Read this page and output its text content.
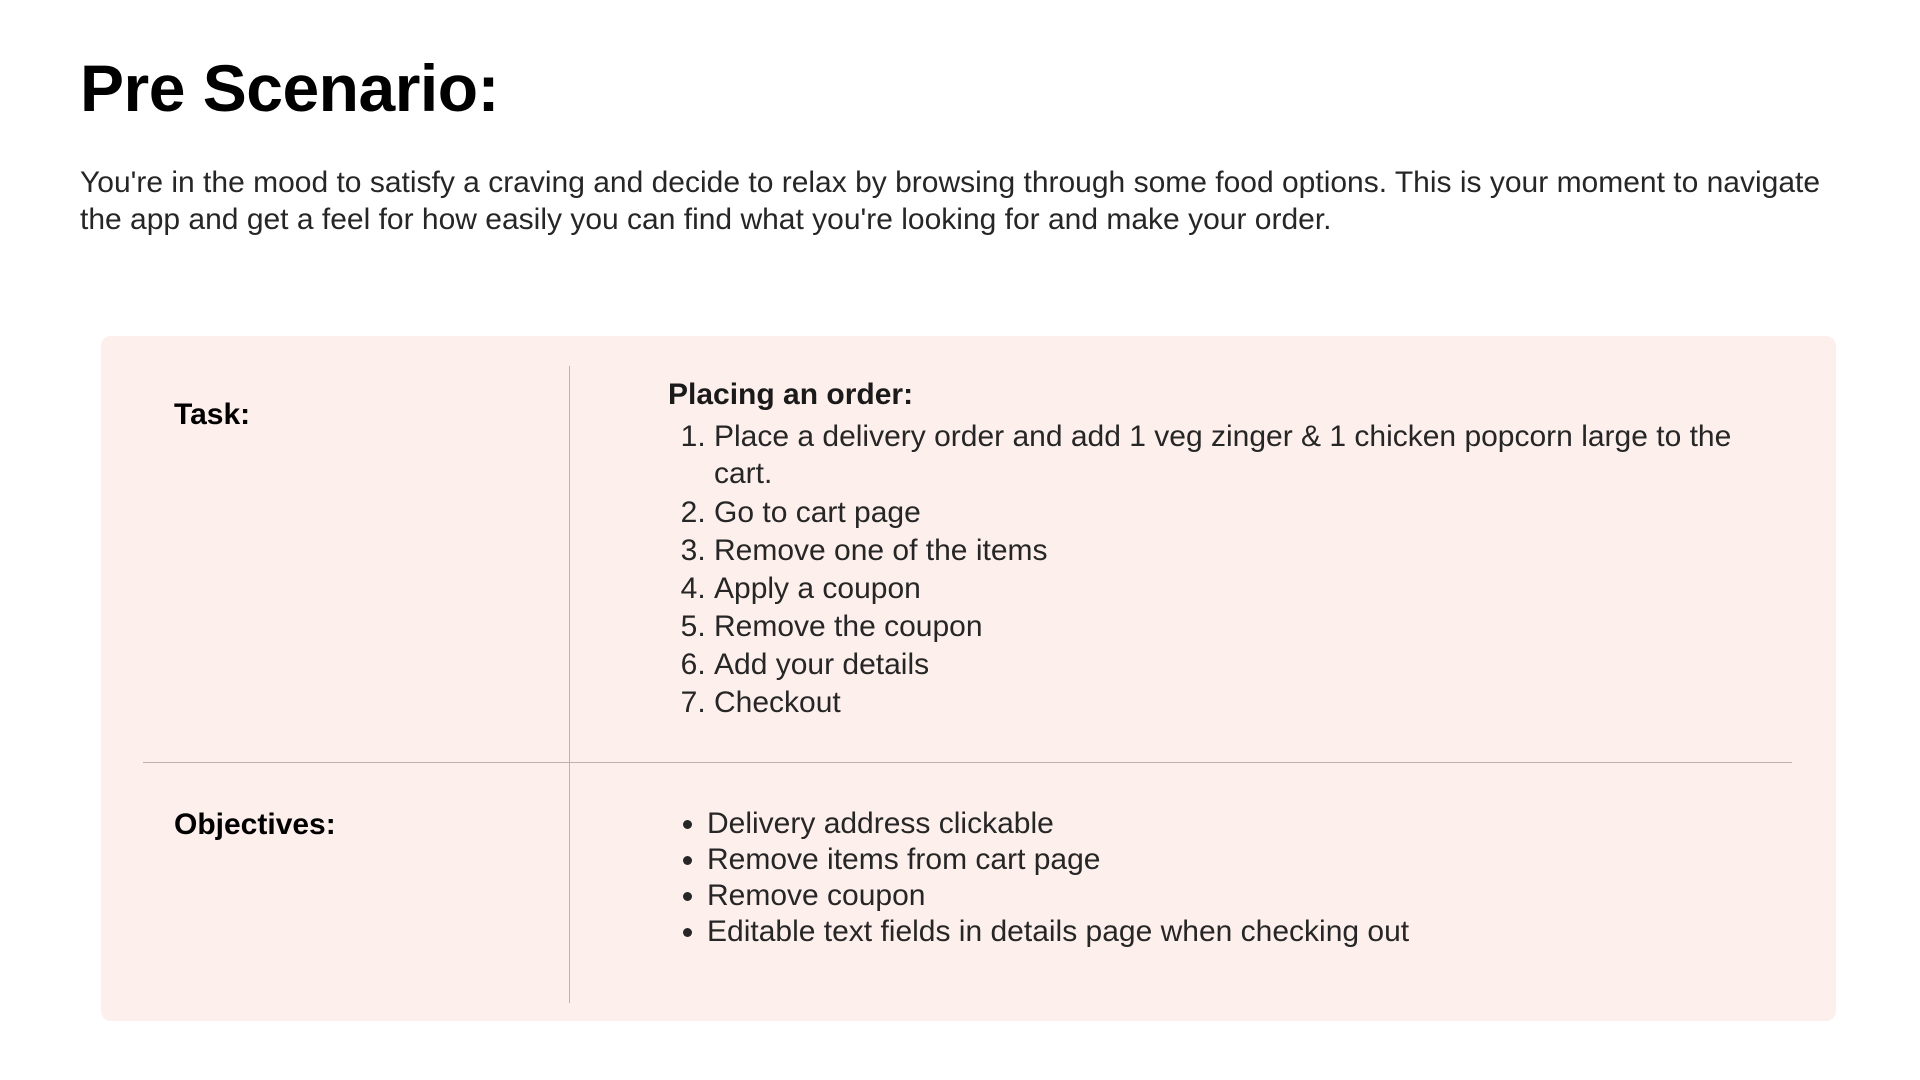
Pre Scenario:

You're in the mood to satisfy a craving and decide to relax by browsing through some food options. This is your moment to navigate the app and get a feel for how easily you can find what you're looking for and make your order.

Task:

Placing an order:

1. Place a delivery order and add 1 veg zinger & 1 chicken popcorn large to the cart.
2. Go to cart page
3. Remove one of the items
4. Apply a coupon
5. Remove the coupon
6. Add your details
7. Checkout

Objectives:

•	Delivery address clickable
• Remove items from cart page
• Remove coupon
• Editable text fields in details page when checking out
